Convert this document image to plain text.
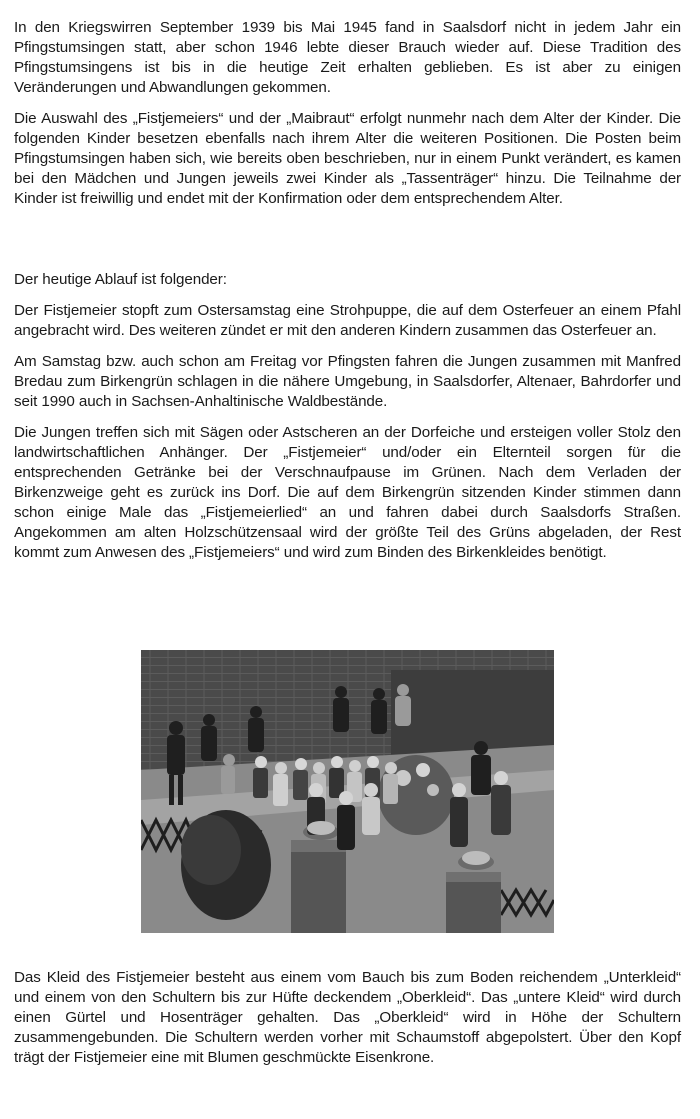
In den Kriegswirren September 1939 bis Mai 1945 fand in Saalsdorf nicht in jedem Jahr ein Pfingstumsingen statt, aber schon 1946 lebte dieser Brauch wieder auf. Diese Tradition des Pfingstumsingens ist bis in die heutige Zeit erhalten geblieben. Es ist aber zu einigen Veränderungen und Abwandlungen gekommen.

Die Auswahl des „Fistjemeiers“ und der „Maibraut“ erfolgt nunmehr nach dem Alter der Kinder. Die folgenden Kinder besetzen ebenfalls nach ihrem Alter die weiteren Positionen. Die Posten beim Pfingstumsingen haben sich, wie bereits oben beschrieben, nur in einem Punkt verändert, es kamen bei den Mädchen und Jungen jeweils zwei Kinder als „Tassenträger“ hinzu. Die Teilnahme der Kinder ist freiwillig und endet mit der Konfirmation oder dem entsprechendem Alter.

Der heutige Ablauf ist folgender:

Der Fistjemeier stopft zum Ostersamstag eine Strohpuppe, die auf dem Osterfeuer an einem Pfahl angebracht wird. Des weiteren zündet er mit den anderen Kindern zusammen das Osterfeuer an.

Am Samstag bzw. auch schon am Freitag vor Pfingsten fahren die Jungen zusammen mit Manfred Bredau zum Birkengrün schlagen in die nähere Umgebung, in Saalsdorfer, Altenaer, Bahrdorfer und seit 1990 auch in Sachsen-Anhaltinische Waldbestände.

Die Jungen treffen sich mit Sägen oder Astscheren an der Dorfeiche und ersteigen voller Stolz den landwirtschaftlichen Anhänger. Der „Fistjemeier“ und/oder ein Elternteil sorgen für die entsprechenden Getränke bei der Verschnaufpause im Grünen. Nach dem Verladen der Birkenzweige geht es zurück ins Dorf. Die auf dem Birkengrün sitzenden Kinder stimmen dann schon einige Male das „Fistjemeierlied“ an und fahren dabei durch Saalsdorfs Straßen. Angekommen am alten Holzschützensaal wird der größte Teil des Grüns abgeladen, der Rest kommt zum Anwesen des „Fistjemeiers“ und wird zum Binden des Birkenkleides benötigt.

Das Kleid des Fistjemeier besteht aus einem vom Bauch bis zum Boden reichendem „Unterkleid“ und einem von den Schultern bis zur Hüfte deckendem „Oberkleid“. Das „untere Kleid“ wird durch einen Gürtel und Hosenträger gehalten. Das „Oberkleid“ wird in Höhe der Schultern zusammengebunden. Die Schultern werden vorher mit Schaumstoff abgepolstert. Über den Kopf trägt der Fistjemeier eine mit Blumen geschmückte Eisenkrone.
